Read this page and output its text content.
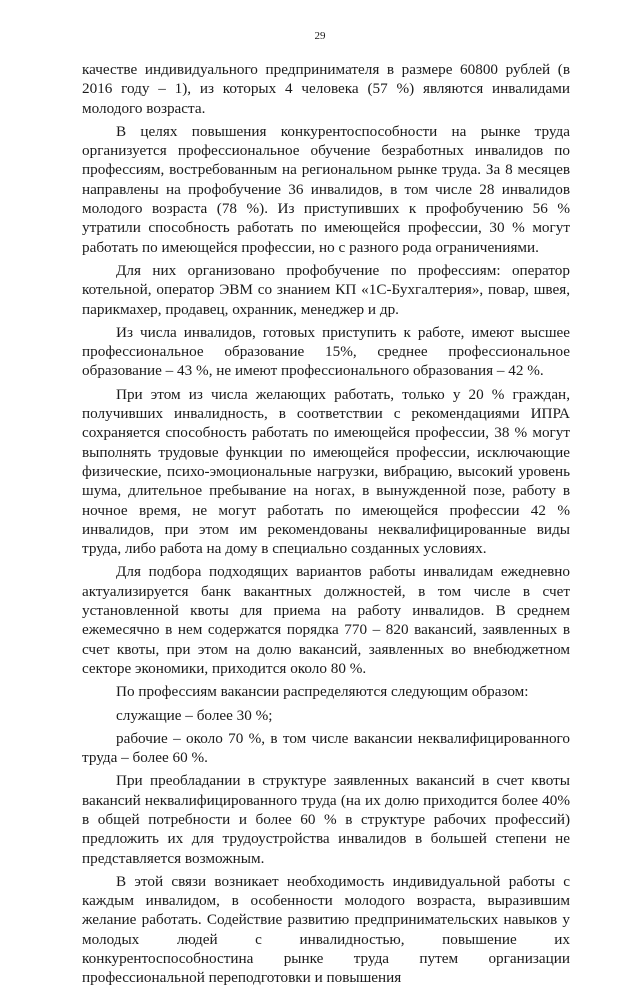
29

качестве индивидуального предпринимателя в размере 60800 рублей (в 2016 году – 1), из которых 4 человека (57 %) являются инвалидами молодого возраста.

В целях повышения конкурентоспособности на рынке труда организуется профессиональное обучение безработных инвалидов по профессиям, востребованным на региональном рынке труда. За 8 месяцев направлены на профобучение 36 инвалидов, в том числе 28 инвалидов молодого возраста (78 %). Из приступивших к профобучению 56 % утратили способность работать по имеющейся профессии, 30 % могут работать по имеющейся профессии, но с разного рода ограничениями.

Для них организовано профобучение по профессиям: оператор котельной, оператор ЭВМ со знанием КП «1С-Бухгалтерия», повар, швея, парикмахер, продавец, охранник, менеджер и др.

Из числа инвалидов, готовых приступить к работе, имеют высшее профессиональное образование 15%, среднее профессиональное образование – 43 %, не имеют профессионального образования – 42 %.

При этом из числа желающих работать, только у 20 % граждан, получивших инвалидность, в соответствии с рекомендациями ИПРА сохраняется способность работать по имеющейся профессии, 38 % могут выполнять трудовые функции по имеющейся профессии, исключающие физические, психо-эмоциональные нагрузки, вибрацию, высокий уровень шума, длительное пребывание на ногах, в вынужденной позе, работу в ночное время, не могут работать по имеющейся профессии 42 % инвалидов, при этом им рекомендованы неквалифицированные виды труда, либо работа на дому в специально созданных условиях.

Для подбора подходящих вариантов работы инвалидам ежедневно актуализируется банк вакантных должностей, в том числе в счет установленной квоты для приема на работу инвалидов. В среднем ежемесячно в нем содержатся порядка 770 – 820 вакансий, заявленных в счет квоты, при этом на долю вакансий, заявленных во внебюджетном секторе экономики, приходится около 80 %.

По профессиям вакансии распределяются следующим образом:

служащие – более 30 %;

рабочие – около 70 %, в том числе вакансии неквалифицированного труда – более 60 %.

При преобладании в структуре заявленных вакансий в счет квоты вакансий неквалифицированного труда (на их долю приходится более 40% в общей потребности и более 60 % в структуре рабочих профессий) предложить их для трудоустройства инвалидов в большей степени не представляется возможным.

В этой связи возникает необходимость индивидуальной работы с каждым инвалидом, в особенности молодого возраста, выразившим желание работать. Содействие развитию предпринимательских навыков у молодых людей с инвалидностью, повышение их конкурентоспособностина рынке труда путем организации профессиональной переподготовки и повышения
